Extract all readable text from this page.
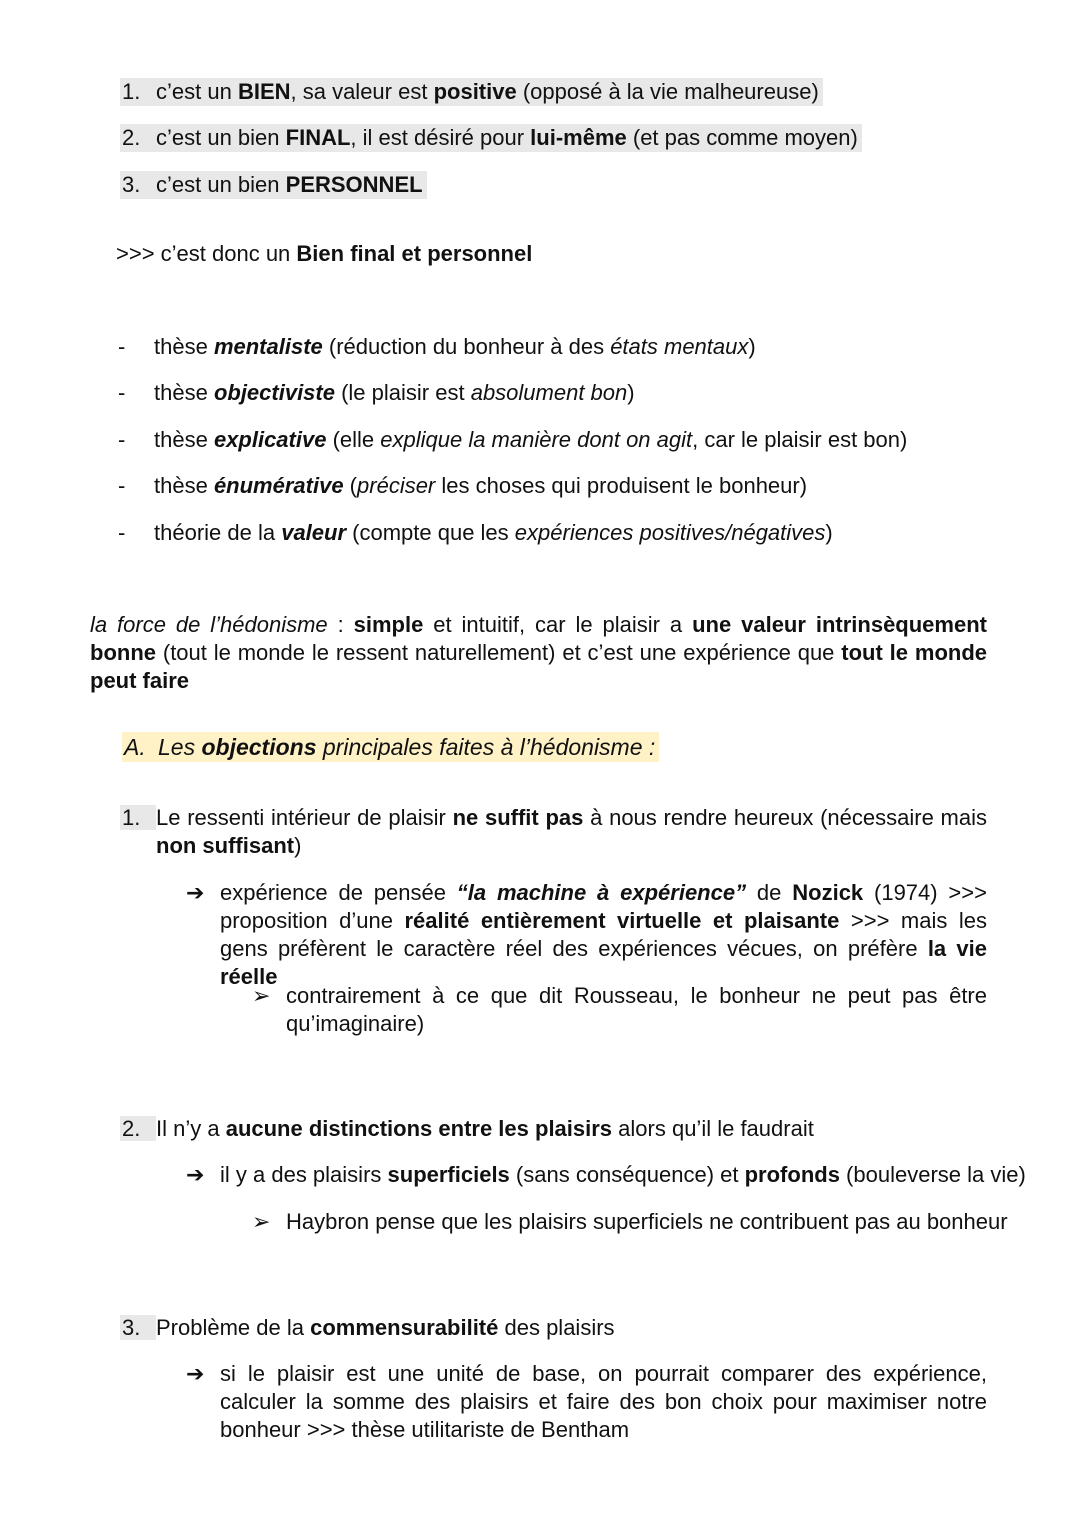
1. c’est un BIEN, sa valeur est positive (opposé à la vie malheureuse)
2. c’est un bien FINAL, il est désiré pour lui-même (et pas comme moyen)
3. c’est un bien PERSONNEL
>>> c’est donc un Bien final et personnel
-	thèse mentaliste (réduction du bonheur à des états mentaux)
-	thèse objectiviste (le plaisir est absolument bon)
-	thèse explicative (elle explique la manière dont on agit, car le plaisir est bon)
-	thèse énumérative (préciser les choses qui produisent le bonheur)
-	théorie de la valeur (compte que les expériences positives/négatives)
la force de l’hédonisme : simple et intuitif, car le plaisir a une valeur intrinsèquement bonne (tout le monde le ressent naturellement) et c’est une expérience que tout le monde peut faire
A. Les objections principales faites à l’hédonisme :
1. Le ressenti intérieur de plaisir ne suffit pas à nous rendre heureux (nécessaire mais non suffisant)
➔ expérience de pensée “la machine à expérience” de Nozick (1974) >>> proposition d’une réalité entièrement virtuelle et plaisante >>> mais les gens préfèrent le caractère réel des expériences vécues, on préfère la vie réelle
➢ contrairement à ce que dit Rousseau, le bonheur ne peut pas être qu’imaginaire)
2. Il n’y a aucune distinctions entre les plaisirs alors qu’il le faudrait
➔ il y a des plaisirs superficiels (sans conséquence) et profonds (bouleverse la vie)
➢ Haybron pense que les plaisirs superficiels ne contribuent pas au bonheur
3. Problème de la commensurabilité des plaisirs
➔ si le plaisir est une unité de base, on pourrait comparer des expérience, calculer la somme des plaisirs et faire des bon choix pour maximiser notre bonheur >>> thèse utilitariste de Bentham
